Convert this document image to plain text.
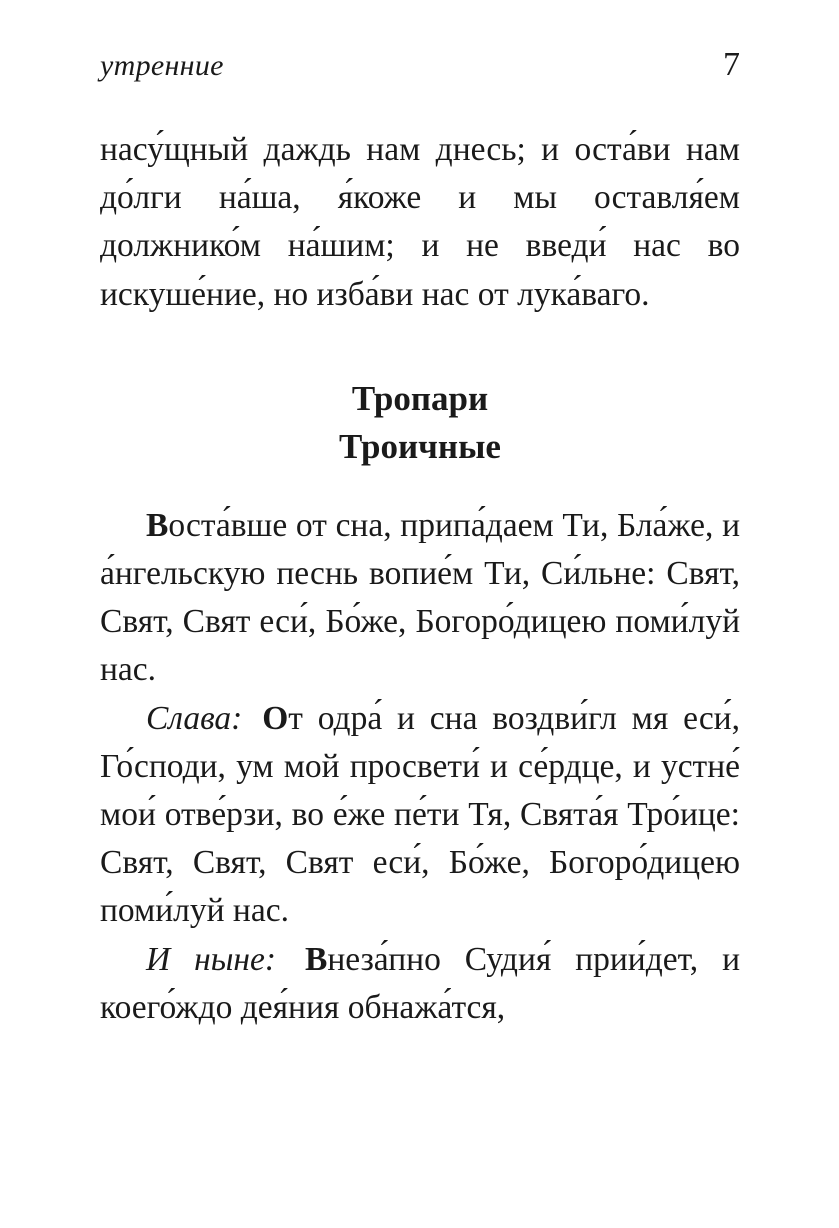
утренние	7

насу́щный даждь нам днесь; и оста́ви нам до́лги на́ша, я́коже и мы оставля́ем должнико́м на́шим; и не введи́ нас во искуше́ние, но изба́ви нас от лука́ваго.

Тропари
Троичные

Воста́вше от сна, припа́даем Ти, Бла́же, и а́нгельскую песнь вопие́м Ти, Си́льне: Свят, Свят, Свят еси́, Бо́же, Богоро́дицею поми́луй нас.

Слава: От одра́ и сна воздви́гл мя еси́, Го́споди, ум мой просвети́ и се́рдце, и устне́ мои́ отве́рзи, во е́же пе́ти Тя, Свята́я Тро́ице: Свят, Свят, Свят еси́, Бо́же, Богоро́дицею поми́луй нас.

И ныне: Внеза́пно Судия́ прии́дет, и коего́ждо дея́ния обнажа́тся,
